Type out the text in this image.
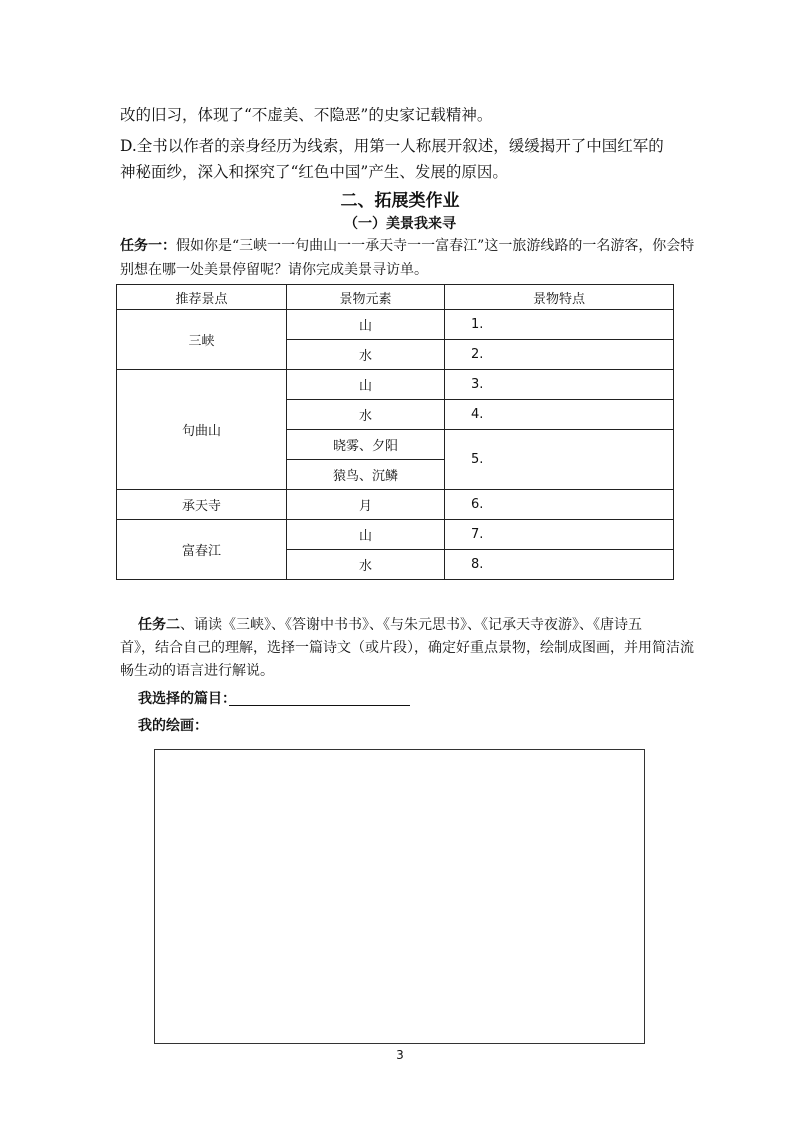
改的旧习，体现了“不虚美、不隐恶”的史家记载精神。
D.全书以作者的亲身经历为线索，用第一人称展开叙述，缓缓揭开了中国红军的
神秘面纱，深入和探究了“红色中国”产生、发展的原因。
二、拓展类作业
（一）美景我来寻
任务一：假如你是“三峡一一句曲山一一承天寺一一富春江”这一旅游线路的一名游客，你会特
别想在哪一处美景停留呢？请你完成美景寻访单。
推荐景点	景物元素	景物特点
三峡	山	1.
	水	2.
句曲山	山	3.
	水	4.
	晓雾、夕阳	5.
	猿鸟、沉鳞	
承天寺	月	6.
富春江	山	7.
	水	8.
任务二、诵读《三峡》、《答谢中书书》、《与朱元思书》、《记承天寺夜游》、《唐诗五
首》，结合自己的理解，选择一篇诗文（或片段），确定好重点景物，绘制成图画，并用简洁流
畅生动的语言进行解说。
我选择的篇目：
我的绘画：
3
